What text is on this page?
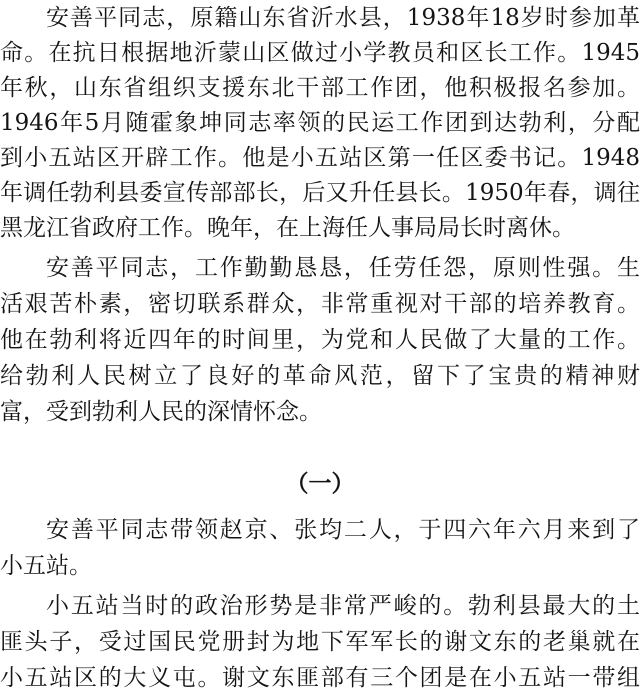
安善平同志，原籍山东省沂水县，1938年18岁时参加革
命。在抗日根据地沂蒙山区做过小学教员和区长工作。1945
年秋，山东省组织支援东北干部工作团，他积极报名参加。
1946年5月随霍象坤同志率领的民运工作团到达勃利，分配
到小五站区开辟工作。他是小五站区第一任区委书记。1948
年调任勃利县委宣传部部长，后又升任县长。1950年春，调往
黑龙江省政府工作。晚年，在上海任人事局局长时离休。
安善平同志，工作勤勤恳恳，任劳任怨，原则性强。生
活艰苦朴素，密切联系群众，非常重视对干部的培养教育。
他在勃利将近四年的时间里，为党和人民做了大量的工作。
给勃利人民树立了良好的革命风范，留下了宝贵的精神财
富，受到勃利人民的深情怀念。
（一）
安善平同志带领赵京、张均二人，于四六年六月来到了
小五站。
小五站当时的政治形势是非常严峻的。勃利县最大的土
匪头子，受过国民党册封为地下军军长的谢文东的老巢就在
小五站区的大义屯。谢文东匪部有三个团是在小五站一带组
